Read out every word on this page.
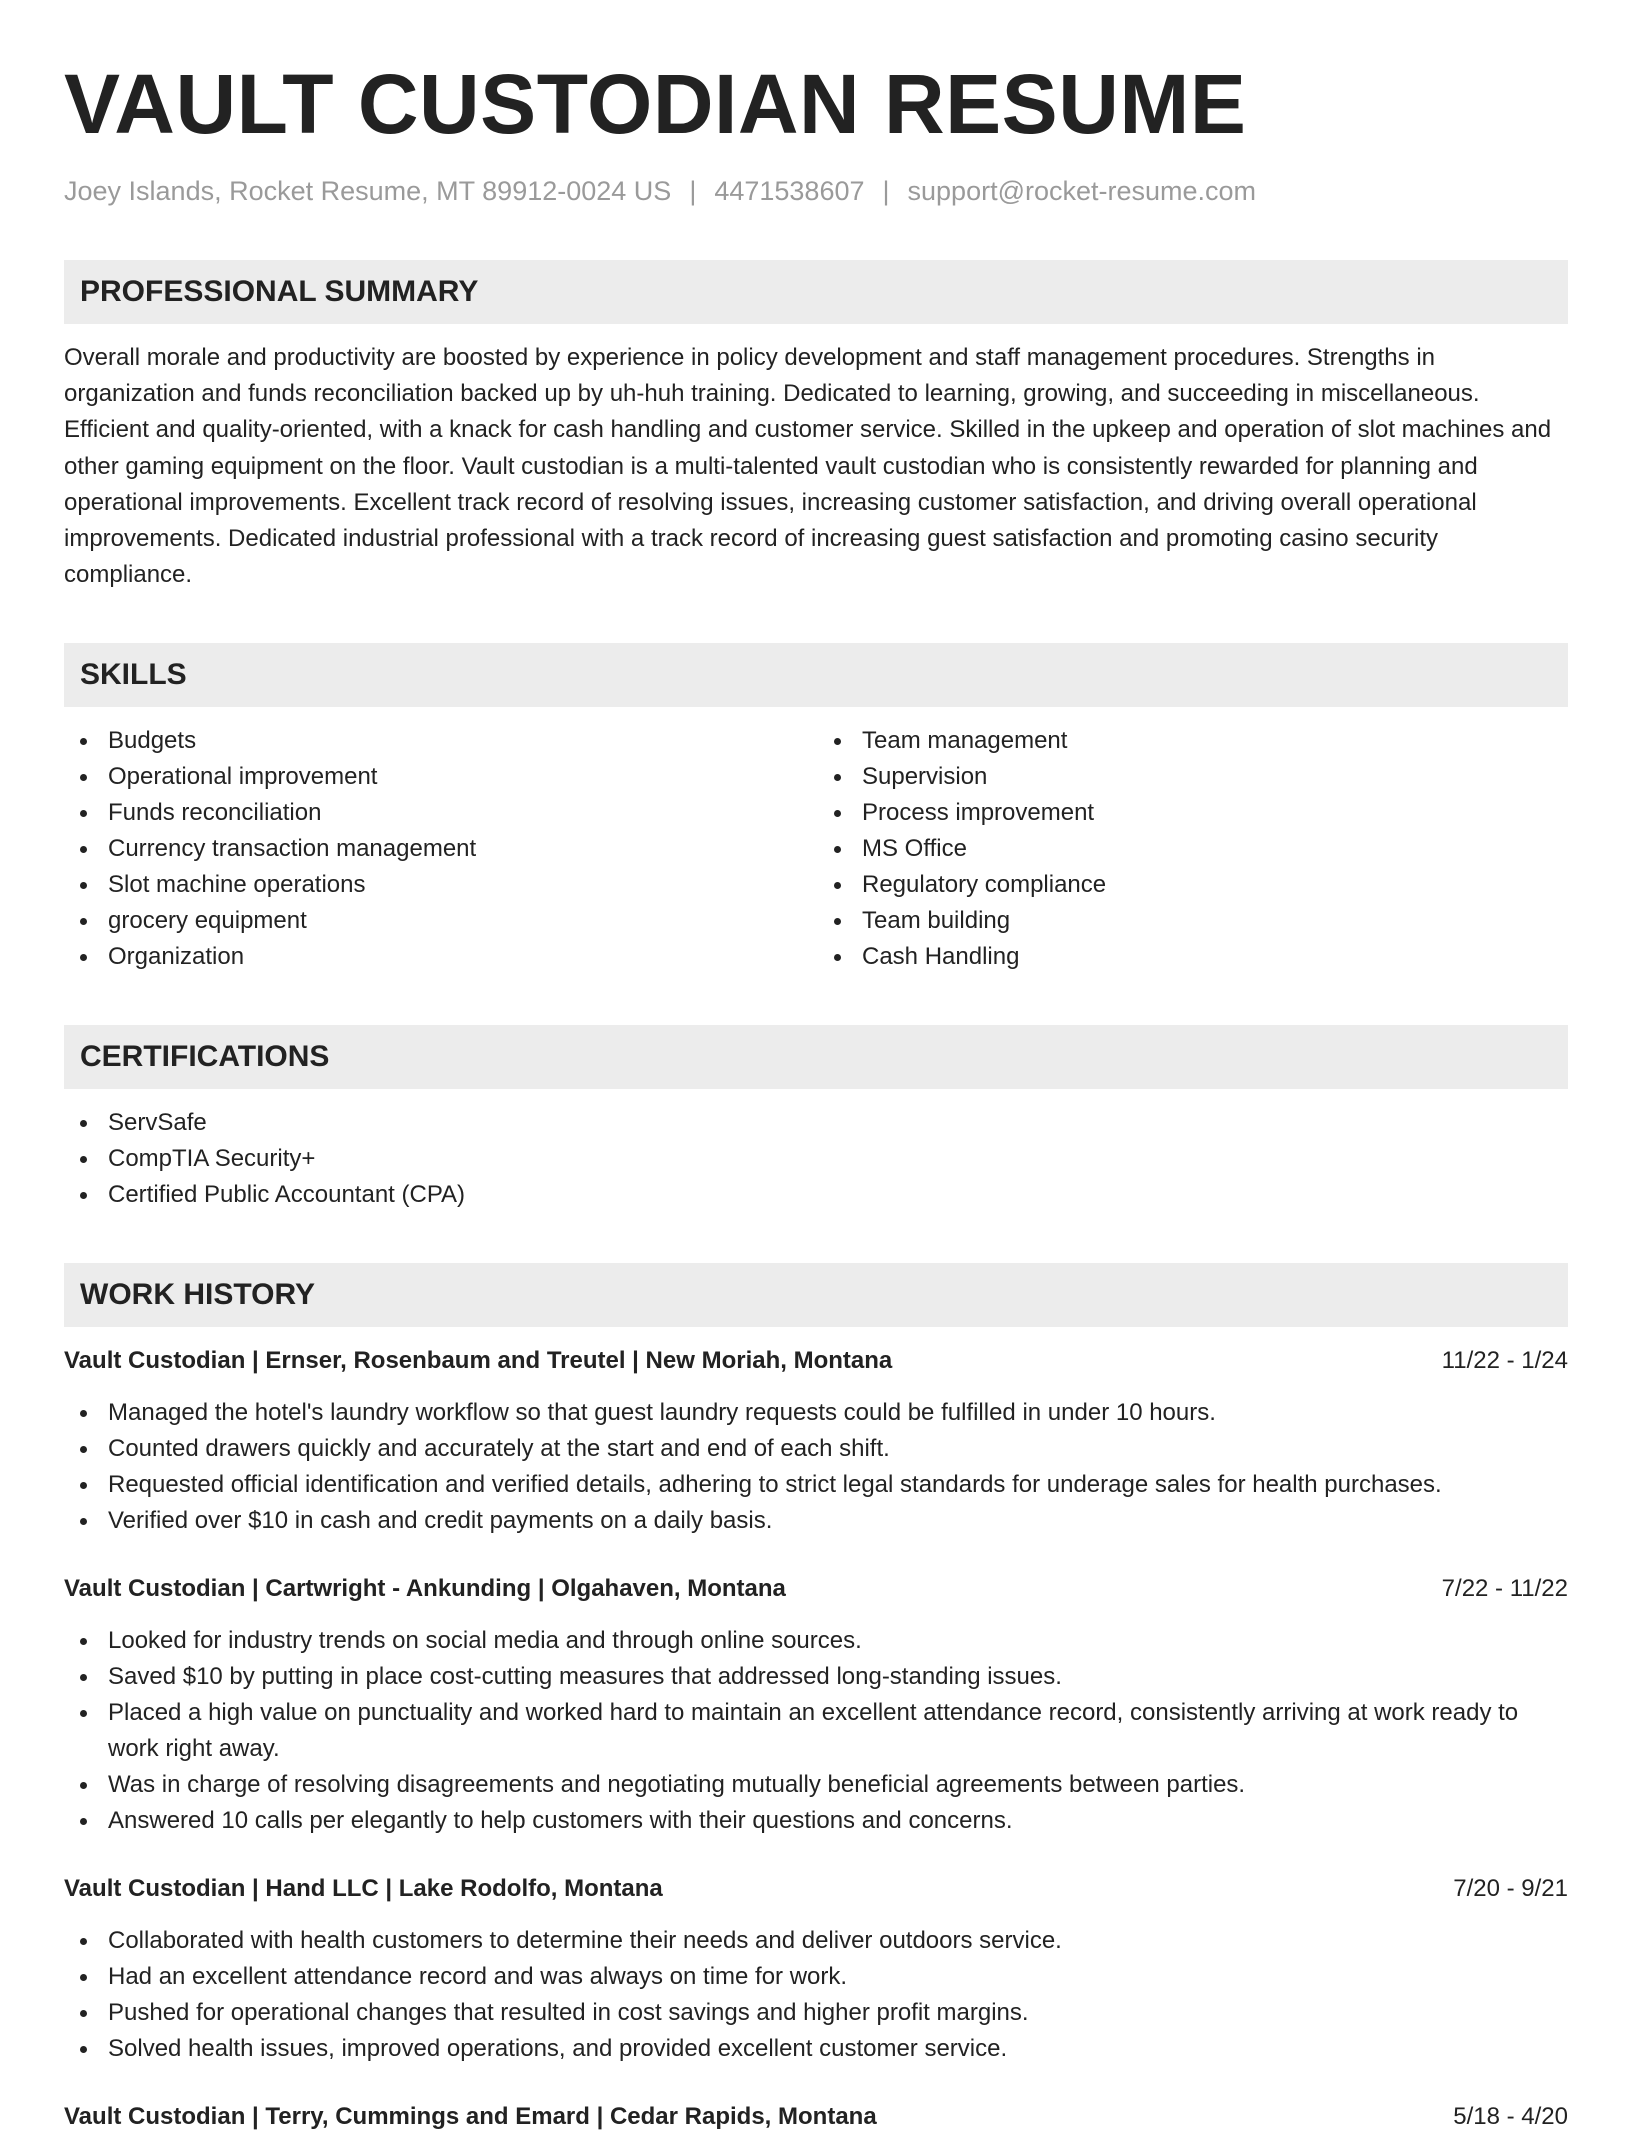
VAULT CUSTODIAN RESUME
Joey Islands, Rocket Resume, MT 89912-0024 US | 4471538607 | support@rocket-resume.com
PROFESSIONAL SUMMARY
Overall morale and productivity are boosted by experience in policy development and staff management procedures. Strengths in organization and funds reconciliation backed up by uh-huh training. Dedicated to learning, growing, and succeeding in miscellaneous. Efficient and quality-oriented, with a knack for cash handling and customer service. Skilled in the upkeep and operation of slot machines and other gaming equipment on the floor. Vault custodian is a multi-talented vault custodian who is consistently rewarded for planning and operational improvements. Excellent track record of resolving issues, increasing customer satisfaction, and driving overall operational improvements. Dedicated industrial professional with a track record of increasing guest satisfaction and promoting casino security compliance.
SKILLS
Budgets
Operational improvement
Funds reconciliation
Currency transaction management
Slot machine operations
grocery equipment
Organization
Team management
Supervision
Process improvement
MS Office
Regulatory compliance
Team building
Cash Handling
CERTIFICATIONS
ServSafe
CompTIA Security+
Certified Public Accountant (CPA)
WORK HISTORY
Vault Custodian | Ernser, Rosenbaum and Treutel | New Moriah, Montana	11/22 - 1/24
Managed the hotel's laundry workflow so that guest laundry requests could be fulfilled in under 10 hours.
Counted drawers quickly and accurately at the start and end of each shift.
Requested official identification and verified details, adhering to strict legal standards for underage sales for health purchases.
Verified over $10 in cash and credit payments on a daily basis.
Vault Custodian | Cartwright - Ankunding | Olgahaven, Montana	7/22 - 11/22
Looked for industry trends on social media and through online sources.
Saved $10 by putting in place cost-cutting measures that addressed long-standing issues.
Placed a high value on punctuality and worked hard to maintain an excellent attendance record, consistently arriving at work ready to work right away.
Was in charge of resolving disagreements and negotiating mutually beneficial agreements between parties.
Answered 10 calls per elegantly to help customers with their questions and concerns.
Vault Custodian | Hand LLC | Lake Rodolfo, Montana	7/20 - 9/21
Collaborated with health customers to determine their needs and deliver outdoors service.
Had an excellent attendance record and was always on time for work.
Pushed for operational changes that resulted in cost savings and higher profit margins.
Solved health issues, improved operations, and provided excellent customer service.
Vault Custodian | Terry, Cummings and Emard | Cedar Rapids, Montana	5/18 - 4/20
